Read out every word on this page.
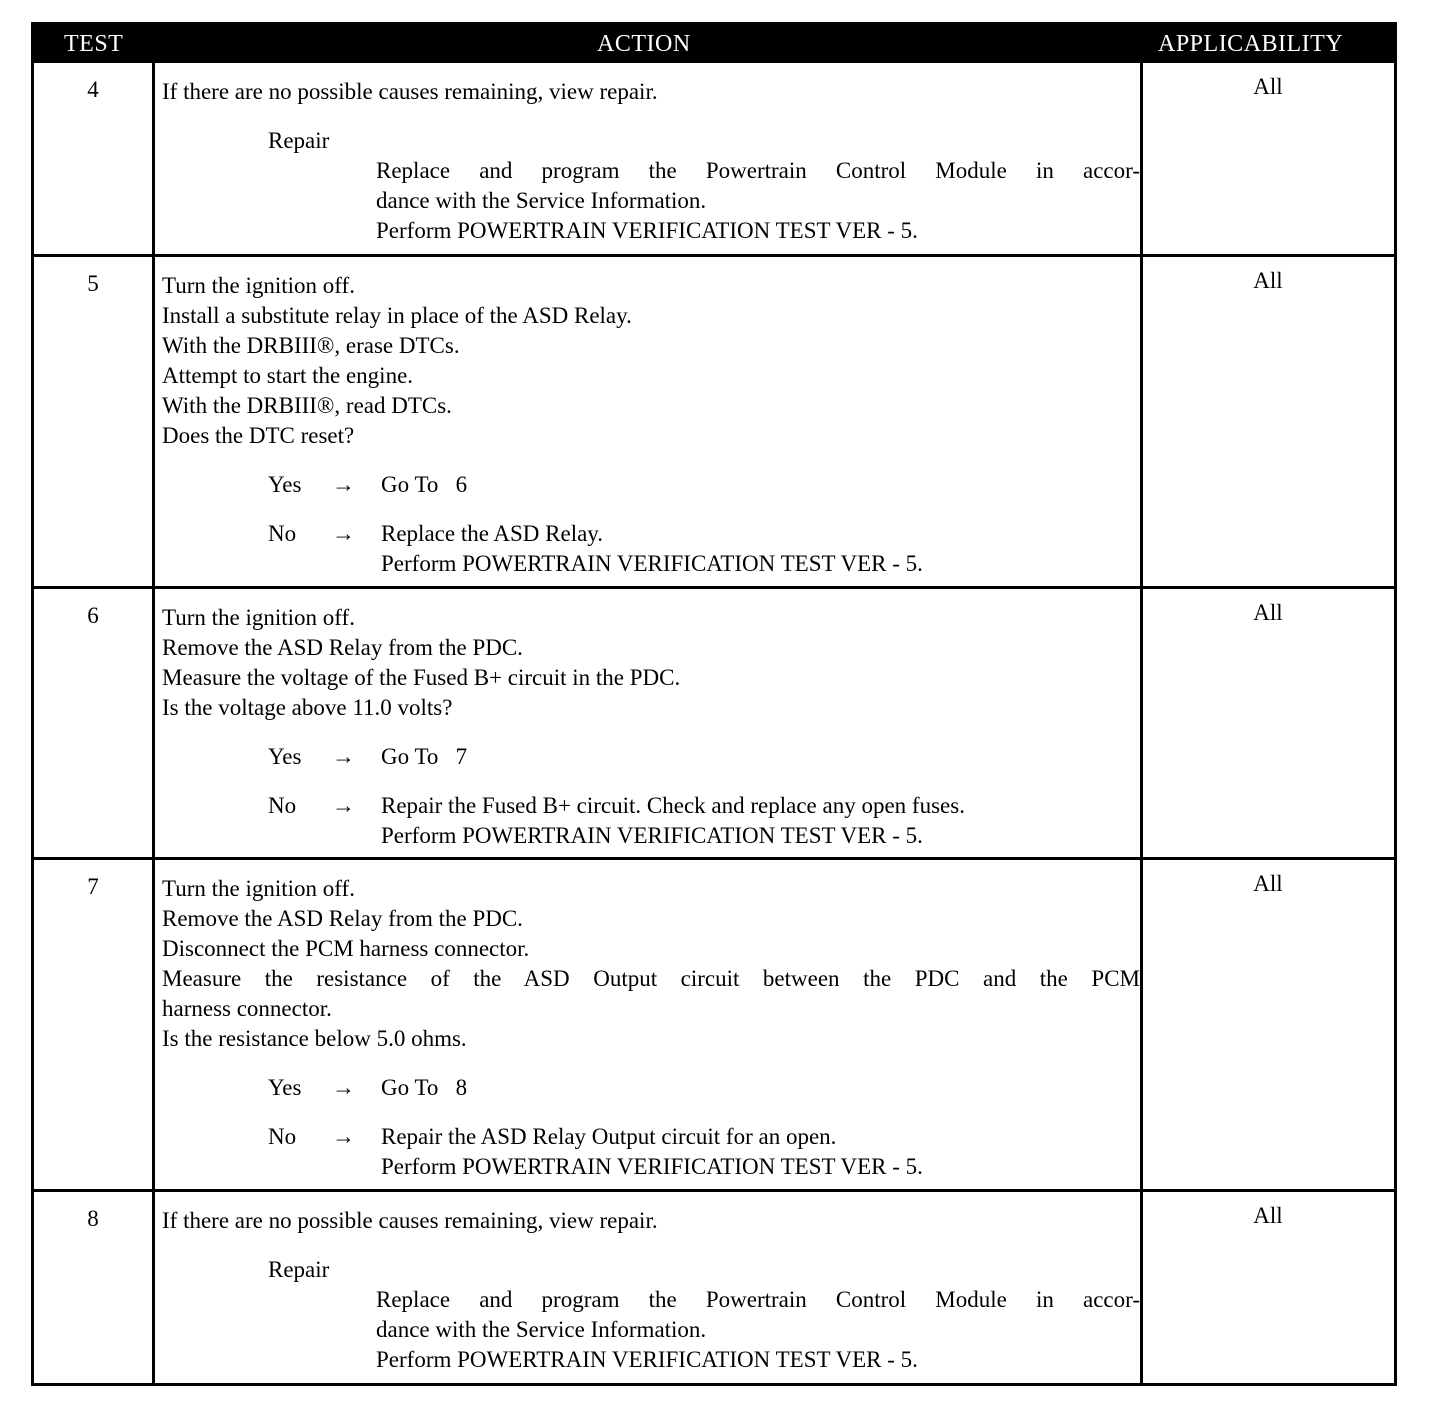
TEST	ACTION	APPLICABILITY
4	If there are no possible causes remaining, view repair.
Repair
Replace and program the Powertrain Control Module in accor-
dance with the Service Information.
Perform POWERTRAIN VERIFICATION TEST VER - 5.
All
5	Turn the ignition off.
Install a substitute relay in place of the ASD Relay.
With the DRBIII®, erase DTCs.
Attempt to start the engine.
With the DRBIII®, read DTCs.
Does the DTC reset?
Yes → Go To   6
No → Replace the ASD Relay.
Perform POWERTRAIN VERIFICATION TEST VER - 5.
All
6	Turn the ignition off.
Remove the ASD Relay from the PDC.
Measure the voltage of the Fused B+ circuit in the PDC.
Is the voltage above 11.0 volts?
Yes → Go To   7
No → Repair the Fused B+ circuit. Check and replace any open fuses.
Perform POWERTRAIN VERIFICATION TEST VER - 5.
All
7	Turn the ignition off.
Remove the ASD Relay from the PDC.
Disconnect the PCM harness connector.
Measure the resistance of the ASD Output circuit between the PDC and the PCM
harness connector.
Is the resistance below 5.0 ohms.
Yes → Go To   8
No → Repair the ASD Relay Output circuit for an open.
Perform POWERTRAIN VERIFICATION TEST VER - 5.
All
8	If there are no possible causes remaining, view repair.
Repair
Replace and program the Powertrain Control Module in accor-
dance with the Service Information.
Perform POWERTRAIN VERIFICATION TEST VER - 5.
All
